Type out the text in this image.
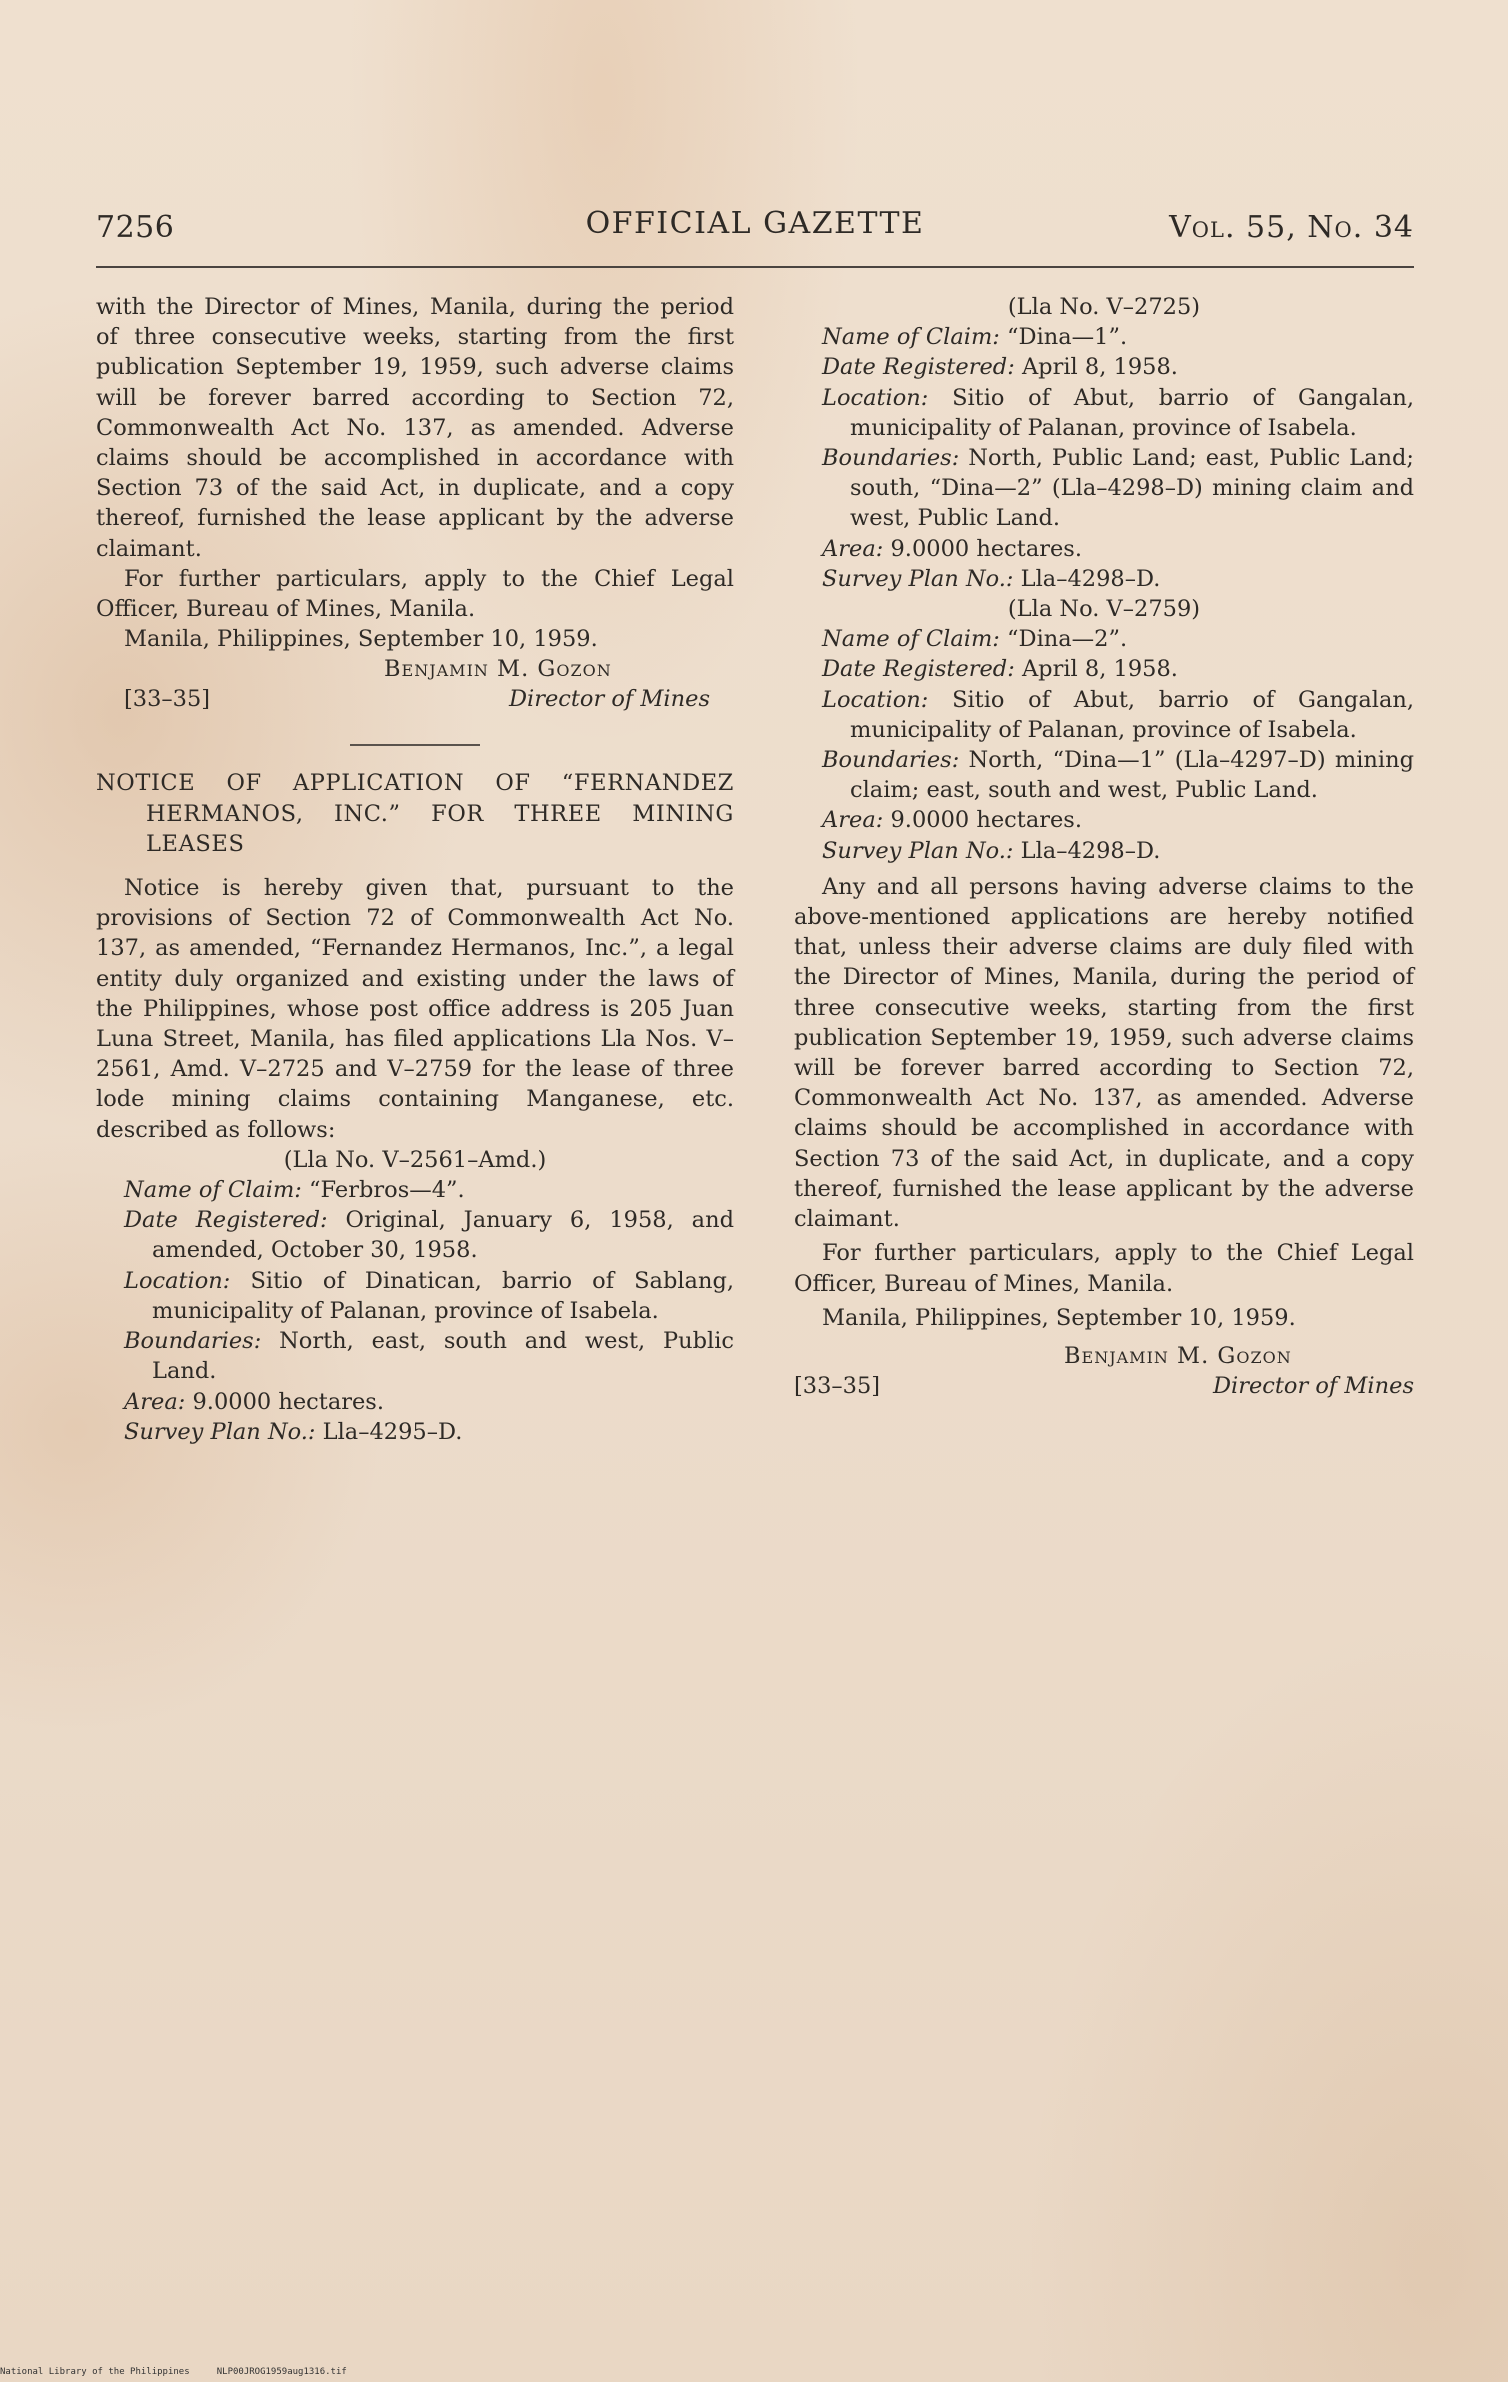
7256	OFFICIAL GAZETTE	Vol. 55, No. 34

with the Director of Mines, Manila, during the period of three consecutive weeks, starting from the first publication September 19, 1959, such adverse claims will be forever barred according to Section 72, Commonwealth Act No. 137, as amended. Adverse claims should be accomplished in accordance with Section 73 of the said Act, in duplicate, and a copy thereof, furnished the lease applicant by the adverse claimant.

For further particulars, apply to the Chief Legal Officer, Bureau of Mines, Manila.

Manila, Philippines, September 10, 1959.

Benjamin M. Gozon
[33–35]	Director of Mines

NOTICE OF APPLICATION OF “FERNANDEZ HERMANOS, INC.” FOR THREE MINING LEASES

Notice is hereby given that, pursuant to the provisions of Section 72 of Commonwealth Act No. 137, as amended, “Fernandez Hermanos, Inc.”, a legal entity duly organized and existing under the laws of the Philippines, whose post office address is 205 Juan Luna Street, Manila, has filed applications Lla Nos. V–2561, Amd. V–2725 and V–2759 for the lease of three lode mining claims containing Manganese, etc. described as follows:

(Lla No. V–2561–Amd.)

Name of Claim: “Ferbros—4”.

Date Registered: Original, January 6, 1958, and amended, October 30, 1958.

Location: Sitio of Dinatican, barrio of Sablang, municipality of Palanan, province of Isabela.

Boundaries: North, east, south and west, Public Land.

Area: 9.0000 hectares.

Survey Plan No.: Lla–4295–D.

(Lla No. V–2725)

Name of Claim: “Dina—1”.

Date Registered: April 8, 1958.

Location: Sitio of Abut, barrio of Gangalan, municipality of Palanan, province of Isabela.

Boundaries: North, Public Land; east, Public Land; south, “Dina—2” (Lla–4298–D) mining claim and west, Public Land.

Area: 9.0000 hectares.

Survey Plan No.: Lla–4298–D.

(Lla No. V–2759)

Name of Claim: “Dina—2”.

Date Registered: April 8, 1958.

Location: Sitio of Abut, barrio of Gangalan, municipality of Palanan, province of Isabela.

Boundaries: North, “Dina—1” (Lla–4297–D) mining claim; east, south and west, Public Land.

Area: 9.0000 hectares.

Survey Plan No.: Lla–4298–D.

Any and all persons having adverse claims to the above-mentioned applications are hereby notified that, unless their adverse claims are duly filed with the Director of Mines, Manila, during the period of three consecutive weeks, starting from the first publication September 19, 1959, such adverse claims will be forever barred according to Section 72, Commonwealth Act No. 137, as amended. Adverse claims should be accomplished in accordance with Section 73 of the said Act, in duplicate, and a copy thereof, furnished the lease applicant by the adverse claimant.

For further particulars, apply to the Chief Legal Officer, Bureau of Mines, Manila.

Manila, Philippines, September 10, 1959.

Benjamin M. Gozon
[33–35]	Director of Mines
National Library of the Philippines	NLP00JROG1959aug1316.tif
